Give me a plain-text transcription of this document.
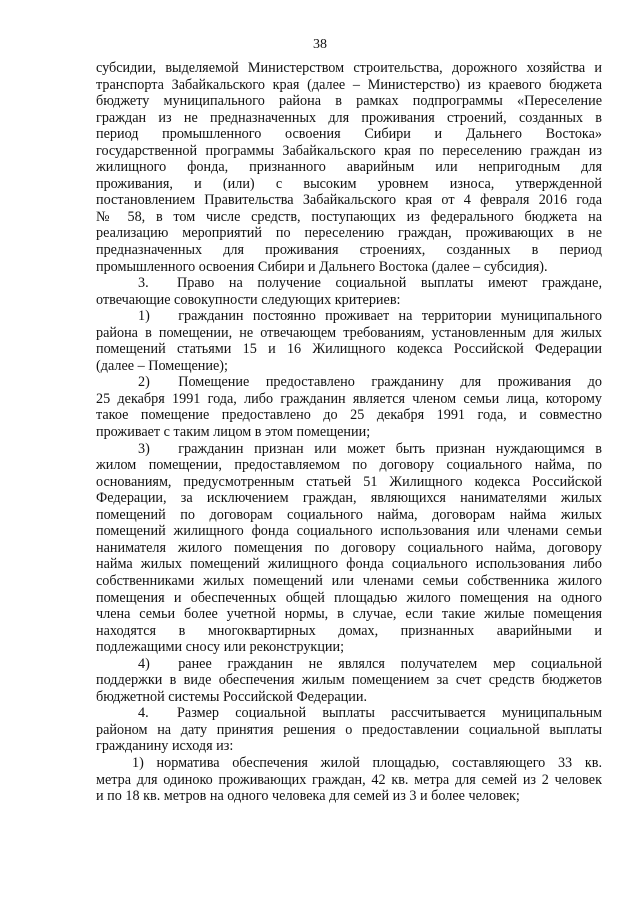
38

субсидии, выделяемой Министерством строительства, дорожного хозяйства и

транспорта Забайкальского края (далее – Министерство) из краевого бюджета

бюджету муниципального района в рамках подпрограммы «Переселение

граждан из не предназначенных для проживания строений, созданных в

период промышленного освоения Сибири и Дальнего Востока»

государственной программы Забайкальского края по переселению граждан из

жилищного фонда, признанного аварийным или непригодным для

проживания, и (или) с высоким уровнем износа, утвержденной

постановлением Правительства Забайкальского края от 4 февраля 2016 года

№ 58, в том числе средств, поступающих из федерального бюджета на

реализацию мероприятий по переселению граждан, проживающих в не

предназначенных для проживания строениях, созданных в период

промышленного освоения Сибири и Дальнего Востока (далее – субсидия).

3.  Право на получение социальной выплаты имеют граждане,

отвечающие совокупности следующих критериев:

1)  гражданин постоянно проживает на территории муниципального

района в помещении, не отвечающем требованиям, установленным для жилых

помещений статьями 15 и 16 Жилищного кодекса Российской Федерации

(далее – Помещение);

2)  Помещение предоставлено гражданину для проживания до

25 декабря 1991 года, либо гражданин является членом семьи лица, которому

такое помещение предоставлено до 25 декабря 1991 года, и совместно

проживает с таким лицом в этом помещении;

3)  гражданин признан или может быть признан нуждающимся в

жилом помещении, предоставляемом по договору социального найма, по

основаниям, предусмотренным статьей 51 Жилищного кодекса Российской

Федерации, за исключением граждан, являющихся нанимателями жилых

помещений по договорам социального найма, договорам найма жилых

помещений жилищного фонда социального использования или членами семьи

нанимателя жилого помещения по договору социального найма, договору

найма жилых помещений жилищного фонда социального использования либо

собственниками жилых помещений или членами семьи собственника жилого

помещения и обеспеченных общей площадью жилого помещения на одного

члена семьи более учетной нормы, в случае, если такие жилые помещения

находятся в многоквартирных домах, признанных аварийными и

подлежащими сносу или реконструкции;

4)  ранее гражданин не являлся получателем мер социальной

поддержки в виде обеспечения жилым помещением за счет средств бюджетов

бюджетной системы Российской Федерации.

4.  Размер социальной выплаты рассчитывается муниципальным

районом на дату принятия решения о предоставлении социальной выплаты

гражданину исходя из:

1) норматива обеспечения жилой площадью, составляющего 33 кв.

метра для одиноко проживающих граждан, 42 кв. метра для семей из 2 человек

и по 18 кв. метров на одного человека для семей из 3 и более человек;
